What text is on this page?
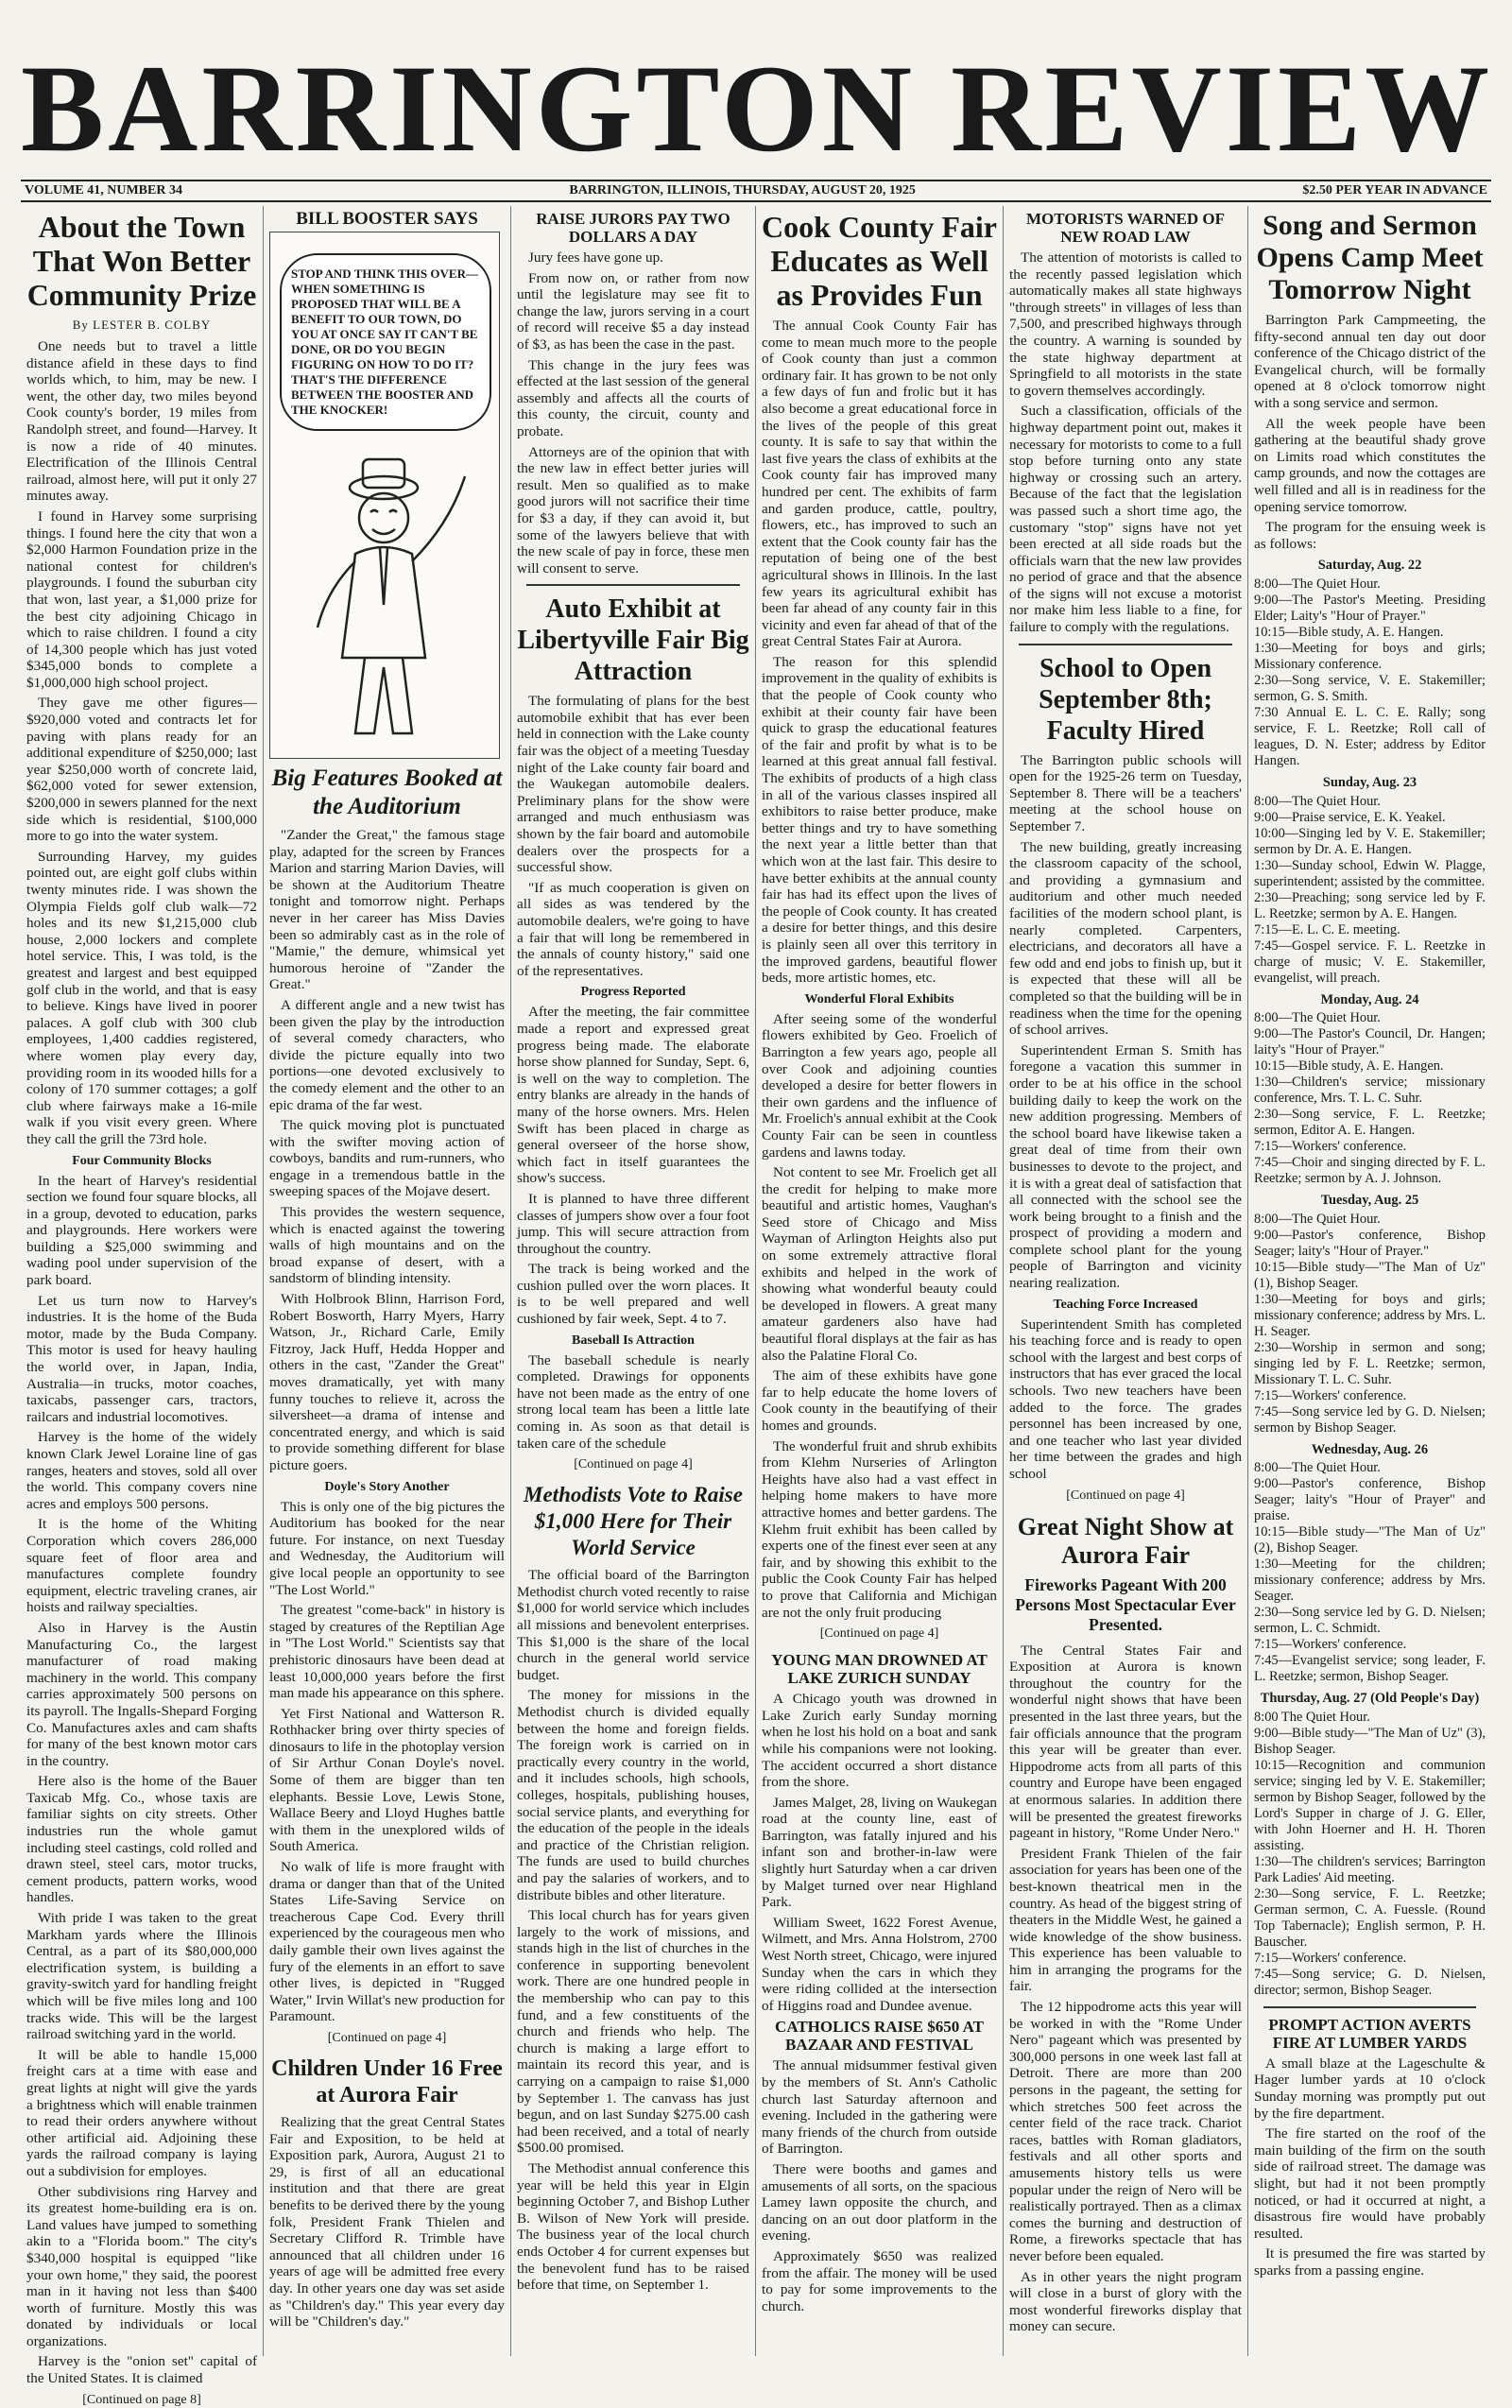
BARRINGTON REVIEW
VOLUME 41, NUMBER 34	BARRINGTON, ILLINOIS, THURSDAY, AUGUST 20, 1925	$2.50 PER YEAR IN ADVANCE
About the Town That Won Better Community Prize
By LESTER B. COLBY

One needs but to travel a little distance afield in these days to find worlds which, to him, may be new. I went, the other day, two miles beyond Cook county's border, 19 miles from Randolph street, and found—Harvey. It is now a ride of 40 minutes. Electrification of the Illinois Central railroad, almost here, will put it only 27 minutes away.

I found in Harvey some surprising things. I found here the city that won a $2,000 Harmon Foundation prize in the national contest for children's playgrounds. I found the suburban city that won, last year, a $1,000 prize for the best city adjoining Chicago in which to raise children. I found a city of 14,300 people which has just voted $345,000 bonds to complete a $1,000,000 high school project.

They gave me other figures—$920,000 voted and contracts let for paving with plans ready for an additional expenditure of $250,000; last year $250,000 worth of concrete laid, $62,000 voted for sewer extension, $200,000 in sewers planned for the next side which is residential, $100,000 more to go into the water system.

Surrounding Harvey, my guides pointed out, are eight golf clubs within twenty minutes ride. I was shown the Olympia Fields golf club walk—72 holes and its new $1,215,000 club house, 2,000 lockers and complete hotel service. This, I was told, is the greatest and largest and best equipped golf club in the world, and that is easy to believe. Kings have lived in poorer palaces. A golf club with 300 club employees, 1,400 caddies registered, where women play every day, providing room in its wooded hills for a colony of 170 summer cottages; a golf club where fairways make a 16-mile walk if you visit every green. Where they call the grill the 73rd hole.

Four Community Blocks

In the heart of Harvey's residential section we found four square blocks, all in a group, devoted to education, parks and playgrounds. Here workers were building a $25,000 swimming and wading pool under supervision of the park board.

Let us turn now to Harvey's industries. It is the home of the Buda motor, made by the Buda Company. This motor is used for heavy hauling the world over, in Japan, India, Australia—in trucks, motor coaches, taxicabs, passenger cars, tractors, railcars and industrial locomotives.

Harvey is the home of the widely known Clark Jewel Loraine line of gas ranges, heaters and stoves, sold all over the world. This company covers nine acres and employs 500 persons.

It is the home of the Whiting Corporation which covers 286,000 square feet of floor area and manufactures complete foundry equipment, electric traveling cranes, air hoists and railway specialties.

Also in Harvey is the Austin Manufacturing Co., the largest manufacturer of road making machinery in the world. This company carries approximately 500 persons on its payroll. The Ingalls-Shepard Forging Co. Manufactures axles and cam shafts for many of the best known motor cars in the country.

Here also is the home of the Bauer Taxicab Mfg. Co., whose taxis are familiar sights on city streets. Other industries run the whole gamut including steel castings, cold rolled and drawn steel, steel cars, motor trucks, cement products, pattern works, wood handles.

With pride I was taken to the great Markham yards where the Illinois Central, as a part of its $80,000,000 electrification system, is building a gravity-switch yard for handling freight which will be five miles long and 100 tracks wide. This will be the largest railroad switching yard in the world.

It will be able to handle 15,000 freight cars at a time with ease and great lights at night will give the yards a brightness which will enable trainmen to read their orders anywhere without other artificial aid. Adjoining these yards the railroad company is laying out a subdivision for employes.

Other subdivisions ring Harvey and its greatest home-building era is on. Land values have jumped to something akin to a "Florida boom." The city's $340,000 hospital is equipped "like your own home," they said, the poorest man in it having not less than $400 worth of furniture. Mostly this was donated by individuals or local organizations.

Harvey is the "onion set" capital of the United States. It is claimed

[Continued on page 8]
BILL BOOSTER SAYS
STOP AND THINK THIS OVER—WHEN SOMETHING IS PROPOSED THAT WILL BE A BENEFIT TO OUR TOWN, DO YOU AT ONCE SAY IT CAN'T BE DONE, OR DO YOU BEGIN FIGURING ON HOW TO DO IT? THAT'S THE DIFFERENCE BETWEEN THE BOOSTER AND THE KNOCKER!
Big Features Booked at the Auditorium

"Zander the Great," the famous stage play, adapted for the screen by Frances Marion and starring Marion Davies, will be shown at the Auditorium Theatre tonight and tomorrow night. Perhaps never in her career has Miss Davies been so admirably cast as in the role of "Mamie," the demure, whimsical yet humorous heroine of "Zander the Great."

A different angle and a new twist has been given the play by the introduction of several comedy characters, who divide the picture equally into two portions—one devoted exclusively to the comedy element and the other to an epic drama of the far west.

The quick moving plot is punctuated with the swifter moving action of cowboys, bandits and rum-runners, who engage in a tremendous battle in the sweeping spaces of the Mojave desert.

This provides the western sequence, which is enacted against the towering walls of high mountains and on the broad expanse of desert, with a sandstorm of blinding intensity.

With Holbrook Blinn, Harrison Ford, Robert Bosworth, Harry Myers, Harry Watson, Jr., Richard Carle, Emily Fitzroy, Jack Huff, Hedda Hopper and others in the cast, "Zander the Great" moves dramatically, yet with many funny touches to relieve it, across the silversheet—a drama of intense and concentrated energy, and which is said to provide something different for blase picture goers.

Doyle's Story Another

This is only one of the big pictures the Auditorium has booked for the near future. For instance, on next Tuesday and Wednesday, the Auditorium will give local people an opportunity to see "The Lost World."

The greatest "come-back" in history is staged by creatures of the Reptilian Age in "The Lost World." Scientists say that prehistoric dinosaurs have been dead at least 10,000,000 years before the first man made his appearance on this sphere.

Yet First National and Watterson R. Rothhacker bring over thirty species of dinosaurs to life in the photoplay version of Sir Arthur Conan Doyle's novel. Some of them are bigger than ten elephants. Bessie Love, Lewis Stone, Wallace Beery and Lloyd Hughes battle with them in the unexplored wilds of South America.

No walk of life is more fraught with drama or danger than that of the United States Life-Saving Service on treacherous Cape Cod. Every thrill experienced by the courageous men who daily gamble their own lives against the fury of the elements in an effort to save other lives, is depicted in "Rugged Water," Irvin Willat's new production for Paramount.

[Continued on page 4]
Children Under 16 Free at Aurora Fair

Realizing that the great Central States Fair and Exposition, to be held at Exposition park, Aurora, August 21 to 29, is first of all an educational institution and that there are great benefits to be derived there by the young folk, President Frank Thielen and Secretary Clifford R. Trimble have announced that all children under 16 years of age will be admitted free every day. In other years one day was set aside as "Children's day." This year every day will be "Children's day."

RAISE JURORS PAY TWO DOLLARS A DAY

Jury fees have gone up.

From now on, or rather from now until the legislature may see fit to change the law, jurors serving in a court of record will receive $5 a day instead of $3, as has been the case in the past.

This change in the jury fees was effected at the last session of the general assembly and affects all the courts of this county, the circuit, county and probate.

Attorneys are of the opinion that with the new law in effect better juries will result. Men so qualified as to make good jurors will not sacrifice their time for $3 a day, if they can avoid it, but some of the lawyers believe that with the new scale of pay in force, these men will consent to serve.

Auto Exhibit at Libertyville Fair Big Attraction

The formulating of plans for the best automobile exhibit that has ever been held in connection with the Lake county fair was the object of a meeting Tuesday night of the Lake county fair board and the Waukegan automobile dealers. Preliminary plans for the show were arranged and much enthusiasm was shown by the fair board and automobile dealers over the prospects for a successful show.

"If as much cooperation is given on all sides as was tendered by the automobile dealers, we're going to have a fair that will long be remembered in the annals of county history," said one of the representatives.

Progress Reported

After the meeting, the fair committee made a report and expressed great progress being made. The elaborate horse show planned for Sunday, Sept. 6, is well on the way to completion. The entry blanks are already in the hands of many of the horse owners. Mrs. Helen Swift has been placed in charge as general overseer of the horse show, which fact in itself guarantees the show's success.

It is planned to have three different classes of jumpers show over a four foot jump. This will secure attraction from throughout the country.

The track is being worked and the cushion pulled over the worn places. It is to be well prepared and well cushioned by fair week, Sept. 4 to 7.

Baseball Is Attraction

The baseball schedule is nearly completed. Drawings for opponents have not been made as the entry of one strong local team has been a little late coming in. As soon as that detail is taken care of the schedule

[Continued on page 4]
Methodists Vote to Raise $1,000 Here for Their World Service

The official board of the Barrington Methodist church voted recently to raise $1,000 for world service which includes all missions and benevolent enterprises. This $1,000 is the share of the local church in the general world service budget.

The money for missions in the Methodist church is divided equally between the home and foreign fields. The foreign work is carried on in practically every country in the world, and it includes schools, high schools, colleges, hospitals, publishing houses, social service plants, and everything for the education of the people in the ideals and practice of the Christian religion. The funds are used to build churches and pay the salaries of workers, and to distribute bibles and other literature.

This local church has for years given largely to the work of missions, and stands high in the list of churches in the conference in supporting benevolent work. There are one hundred people in the membership who can pay to this fund, and a few constituents of the church and friends who help. The church is making a large effort to maintain its record this year, and is carrying on a campaign to raise $1,000 by September 1. The canvass has just begun, and on last Sunday $275.00 cash had been received, and a total of nearly $500.00 promised.

The Methodist annual conference this year will be held this year in Elgin beginning October 7, and Bishop Luther B. Wilson of New York will preside. The business year of the local church ends October 4 for current expenses but the benevolent fund has to be raised before that time, on September 1.

Cook County Fair Educates as Well as Provides Fun

The annual Cook County Fair has come to mean much more to the people of Cook county than just a common ordinary fair. It has grown to be not only a few days of fun and frolic but it has also become a great educational force in the lives of the people of this great county. It is safe to say that within the last five years the class of exhibits at the Cook county fair has improved many hundred per cent. The exhibits of farm and garden produce, cattle, poultry, flowers, etc., has improved to such an extent that the Cook county fair has the reputation of being one of the best agricultural shows in Illinois. In the last few years its agricultural exhibit has been far ahead of any county fair in this vicinity and even far ahead of that of the great Central States Fair at Aurora.

The reason for this splendid improvement in the quality of exhibits is that the people of Cook county who exhibit at their county fair have been quick to grasp the educational features of the fair and profit by what is to be learned at this great annual fall festival. The exhibits of products of a high class in all of the various classes inspired all exhibitors to raise better produce, make better things and try to have something the next year a little better than that which won at the last fair. This desire to have better exhibits at the annual county fair has had its effect upon the lives of the people of Cook county. It has created a desire for better things, and this desire is plainly seen all over this territory in the improved gardens, beautiful flower beds, more artistic homes, etc.

Wonderful Floral Exhibits

After seeing some of the wonderful flowers exhibited by Geo. Froelich of Barrington a few years ago, people all over Cook and adjoining counties developed a desire for better flowers in their own gardens and the influence of Mr. Froelich's annual exhibit at the Cook County Fair can be seen in countless gardens and lawns today.

Not content to see Mr. Froelich get all the credit for helping to make more beautiful and artistic homes, Vaughan's Seed store of Chicago and Miss Wayman of Arlington Heights also put on some extremely attractive floral exhibits and helped in the work of showing what wonderful beauty could be developed in flowers. A great many amateur gardeners also have had beautiful floral displays at the fair as has also the Palatine Floral Co.

The aim of these exhibits have gone far to help educate the home lovers of Cook county in the beautifying of their homes and grounds.

The wonderful fruit and shrub exhibits from Klehm Nurseries of Arlington Heights have also had a vast effect in helping home makers to have more attractive homes and better gardens. The Klehm fruit exhibit has been called by experts one of the finest ever seen at any fair, and by showing this exhibit to the public the Cook County Fair has helped to prove that California and Michigan are not the only fruit producing

[Continued on page 4]
YOUNG MAN DROWNED AT LAKE ZURICH SUNDAY

A Chicago youth was drowned in Lake Zurich early Sunday morning when he lost his hold on a boat and sank while his companions were not looking. The accident occurred a short distance from the shore.

James Malget, 28, living on Waukegan road at the county line, east of Barrington, was fatally injured and his infant son and brother-in-law were slightly hurt Saturday when a car driven by Malget turned over near Highland Park.

William Sweet, 1622 Forest Avenue, Wilmett, and Mrs. Anna Holstrom, 2700 West North street, Chicago, were injured Sunday when the cars in which they were riding collided at the intersection of Higgins road and Dundee avenue.

CATHOLICS RAISE $650 AT BAZAAR AND FESTIVAL

The annual midsummer festival given by the members of St. Ann's Catholic church last Saturday afternoon and evening. Included in the gathering were many friends of the church from outside of Barrington.

There were booths and games and amusements of all sorts, on the spacious Lamey lawn opposite the church, and dancing on an out door platform in the evening.

Approximately $650 was realized from the affair. The money will be used to pay for some improvements to the church.

MOTORISTS WARNED OF NEW ROAD LAW

The attention of motorists is called to the recently passed legislation which automatically makes all state highways "through streets" in villages of less than 7,500, and prescribed highways through the country. A warning is sounded by the state highway department at Springfield to all motorists in the state to govern themselves accordingly.

Such a classification, officials of the highway department point out, makes it necessary for motorists to come to a full stop before turning onto any state highway or crossing such an artery. Because of the fact that the legislation was passed such a short time ago, the customary "stop" signs have not yet been erected at all side roads but the officials warn that the new law provides no period of grace and that the absence of the signs will not excuse a motorist nor make him less liable to a fine, for failure to comply with the regulations.

School to Open September 8th; Faculty Hired

The Barrington public schools will open for the 1925-26 term on Tuesday, September 8. There will be a teachers' meeting at the school house on September 7.

The new building, greatly increasing the classroom capacity of the school, and providing a gymnasium and auditorium and other much needed facilities of the modern school plant, is nearly completed. Carpenters, electricians, and decorators all have a few odd and end jobs to finish up, but it is expected that these will all be completed so that the building will be in readiness when the time for the opening of school arrives.

Superintendent Erman S. Smith has foregone a vacation this summer in order to be at his office in the school building daily to keep the work on the new addition progressing. Members of the school board have likewise taken a great deal of time from their own businesses to devote to the project, and it is with a great deal of satisfaction that all connected with the school see the work being brought to a finish and the prospect of providing a modern and complete school plant for the young people of Barrington and vicinity nearing realization.

Teaching Force Increased

Superintendent Smith has completed his teaching force and is ready to open school with the largest and best corps of instructors that has ever graced the local schools. Two new teachers have been added to the force. The grades personnel has been increased by one, and one teacher who last year divided her time between the grades and high school

[Continued on page 4]
Great Night Show at Aurora Fair
Fireworks Pageant With 200 Persons Most Spectacular Ever Presented.

The Central States Fair and Exposition at Aurora is known throughout the country for the wonderful night shows that have been presented in the last three years, but the fair officials announce that the program this year will be greater than ever. Hippodrome acts from all parts of this country and Europe have been engaged at enormous salaries. In addition there will be presented the greatest fireworks pageant in history, "Rome Under Nero."

President Frank Thielen of the fair association for years has been one of the best-known theatrical men in the country. As head of the biggest string of theaters in the Middle West, he gained a wide knowledge of the show business. This experience has been valuable to him in arranging the programs for the fair.

The 12 hippodrome acts this year will be worked in with the "Rome Under Nero" pageant which was presented by 300,000 persons in one week last fall at Detroit. There are more than 200 persons in the pageant, the setting for which stretches 500 feet across the center field of the race track. Chariot races, battles with Roman gladiators, festivals and all other sports and amusements history tells us were popular under the reign of Nero will be realistically portrayed. Then as a climax comes the burning and destruction of Rome, a fireworks spectacle that has never before been equaled.

As in other years the night program will close in a burst of glory with the most wonderful fireworks display that money can secure.

Song and Sermon Opens Camp Meet Tomorrow Night

Barrington Park Campmeeting, the fifty-second annual ten day out door conference of the Chicago district of the Evangelical church, will be formally opened at 8 o'clock tomorrow night with a song service and sermon.

All the week people have been gathering at the beautiful shady grove on Limits road which constitutes the camp grounds, and now the cottages are well filled and all is in readiness for the opening service tomorrow.

The program for the ensuing week is as follows:

Saturday, Aug. 22

8:00—The Quiet Hour.

9:00—The Pastor's Meeting. Presiding Elder; Laity's "Hour of Prayer."

10:15—Bible study, A. E. Hangen.

1:30—Meeting for boys and girls; Missionary conference.

2:30—Song service, V. E. Stakemiller; sermon, G. S. Smith.

7:30 Annual E. L. C. E. Rally; song service, F. L. Reetzke; Roll call of leagues, D. N. Ester; address by Editor Hangen.

Sunday, Aug. 23

8:00—The Quiet Hour.

9:00—Praise service, E. K. Yeakel.

10:00—Singing led by V. E. Stakemiller; sermon by Dr. A. E. Hangen.

1:30—Sunday school, Edwin W. Plagge, superintendent; assisted by the committee.

2:30—Preaching; song service led by F. L. Reetzke; sermon by A. E. Hangen.

7:15—E. L. C. E. meeting.

7:45—Gospel service. F. L. Reetzke in charge of music; V. E. Stakemiller, evangelist, will preach.

Monday, Aug. 24

8:00—The Quiet Hour.

9:00—The Pastor's Council, Dr. Hangen; laity's "Hour of Prayer."

10:15—Bible study, A. E. Hangen.

1:30—Children's service; missionary conference, Mrs. T. L. C. Suhr.

2:30—Song service, F. L. Reetzke; sermon, Editor A. E. Hangen.

7:15—Workers' conference.

7:45—Choir and singing directed by F. L. Reetzke; sermon by A. J. Johnson.

Tuesday, Aug. 25

8:00—The Quiet Hour.

9:00—Pastor's conference, Bishop Seager; laity's "Hour of Prayer."

10:15—Bible study—"The Man of Uz" (1), Bishop Seager.

1:30—Meeting for boys and girls; missionary conference; address by Mrs. L. H. Seager.

2:30—Worship in sermon and song; singing led by F. L. Reetzke; sermon, Missionary T. L. C. Suhr.

7:15—Workers' conference.

7:45—Song service led by G. D. Nielsen; sermon by Bishop Seager.

Wednesday, Aug. 26

8:00—The Quiet Hour.

9:00—Pastor's conference, Bishop Seager; laity's "Hour of Prayer" and praise.

10:15—Bible study—"The Man of Uz" (2), Bishop Seager.

1:30—Meeting for the children; missionary conference; address by Mrs. Seager.

2:30—Song service led by G. D. Nielsen; sermon, L. C. Schmidt.

7:15—Workers' conference.

7:45—Evangelist service; song leader, F. L. Reetzke; sermon, Bishop Seager.

Thursday, Aug. 27 (Old People's Day)

8:00 The Quiet Hour.

9:00—Bible study—"The Man of Uz" (3), Bishop Seager.

10:15—Recognition and communion service; singing led by V. E. Stakemiller; sermon by Bishop Seager, followed by the Lord's Supper in charge of J. G. Eller, with John Hoerner and H. H. Thoren assisting.

1:30—The children's services; Barrington Park Ladies' Aid meeting.

2:30—Song service, F. L. Reetzke; German sermon, C. A. Fuessle. (Round Top Tabernacle); English sermon, P. H. Bauscher.

7:15—Workers' conference.

7:45—Song service; G. D. Nielsen, director; sermon, Bishop Seager.

PROMPT ACTION AVERTS FIRE AT LUMBER YARDS

A small blaze at the Lageschulte & Hager lumber yards at 10 o'clock Sunday morning was promptly put out by the fire department.

The fire started on the roof of the main building of the firm on the south side of railroad street. The damage was slight, but had it not been promptly noticed, or had it occurred at night, a disastrous fire would have probably resulted.

It is presumed the fire was started by sparks from a passing engine.
